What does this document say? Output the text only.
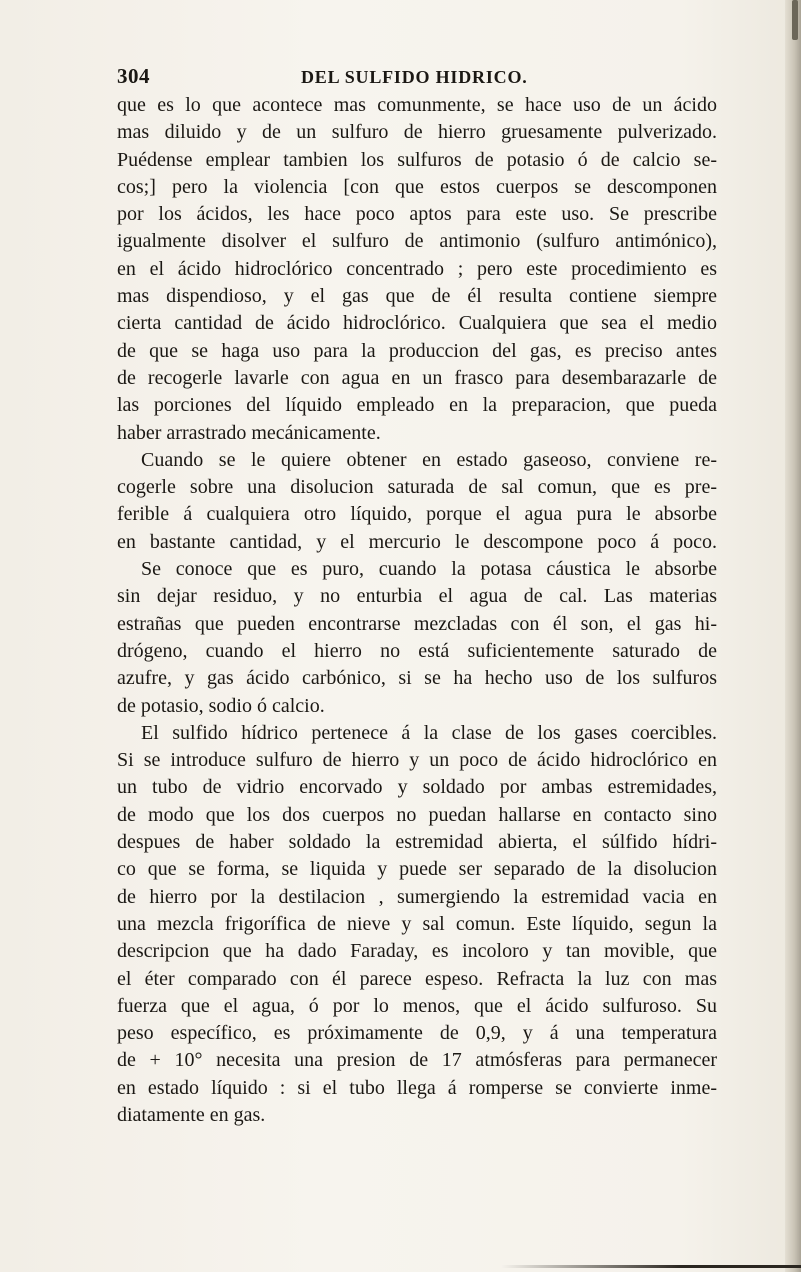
304	DEL SULFIDO HIDRICO.
que es lo que acontece mas comunmente, se hace uso de un ácido
mas diluido y de un sulfuro de hierro gruesamente pulverizado.
Puédense emplear tambien los sulfuros de potasio ó de calcio se-
cos;] pero la violencia [con que estos cuerpos se descomponen
por los ácidos, les hace poco aptos para este uso. Se prescribe
igualmente disolver el sulfuro de antimonio (sulfuro antimónico),
en el ácido hidroclórico concentrado ; pero este procedimiento es
mas dispendioso, y el gas que de él resulta contiene siempre
cierta cantidad de ácido hidroclórico. Cualquiera que sea el medio
de que se haga uso para la produccion del gas, es preciso antes
de recogerle lavarle con agua en un frasco para desembarazarle de
las porciones del líquido empleado en la preparacion, que pueda
haber arrastrado mecánicamente.
Cuando se le quiere obtener en estado gaseoso, conviene re-
cogerle sobre una disolucion saturada de sal comun, que es pre-
ferible á cualquiera otro líquido, porque el agua pura le absorbe
en bastante cantidad, y el mercurio le descompone poco á poco.
Se conoce que es puro, cuando la potasa cáustica le absorbe
sin dejar residuo, y no enturbia el agua de cal. Las materias
estrañas que pueden encontrarse mezcladas con él son, el gas hi-
drógeno, cuando el hierro no está suficientemente saturado de
azufre, y gas ácido carbónico, si se ha hecho uso de los sulfuros
de potasio, sodio ó calcio.
El sulfido hídrico pertenece á la clase de los gases coercibles.
Si se introduce sulfuro de hierro y un poco de ácido hidroclórico en
un tubo de vidrio encorvado y soldado por ambas estremidades,
de modo que los dos cuerpos no puedan hallarse en contacto sino
despues de haber soldado la estremidad abierta, el súlfido hídri-
co que se forma, se liquida y puede ser separado de la disolucion
de hierro por la destilacion , sumergiendo la estremidad vacia en
una mezcla frigorífica de nieve y sal comun. Este líquido, segun la
descripcion que ha dado Faraday, es incoloro y tan movible, que
el éter comparado con él parece espeso. Refracta la luz con mas
fuerza que el agua, ó por lo menos, que el ácido sulfuroso. Su
peso específico, es próximamente de 0,9, y á una temperatura
de + 10° necesita una presion de 17 atmósferas para permanecer
en estado líquido : si el tubo llega á romperse se convierte inme-
diatamente en gas.
